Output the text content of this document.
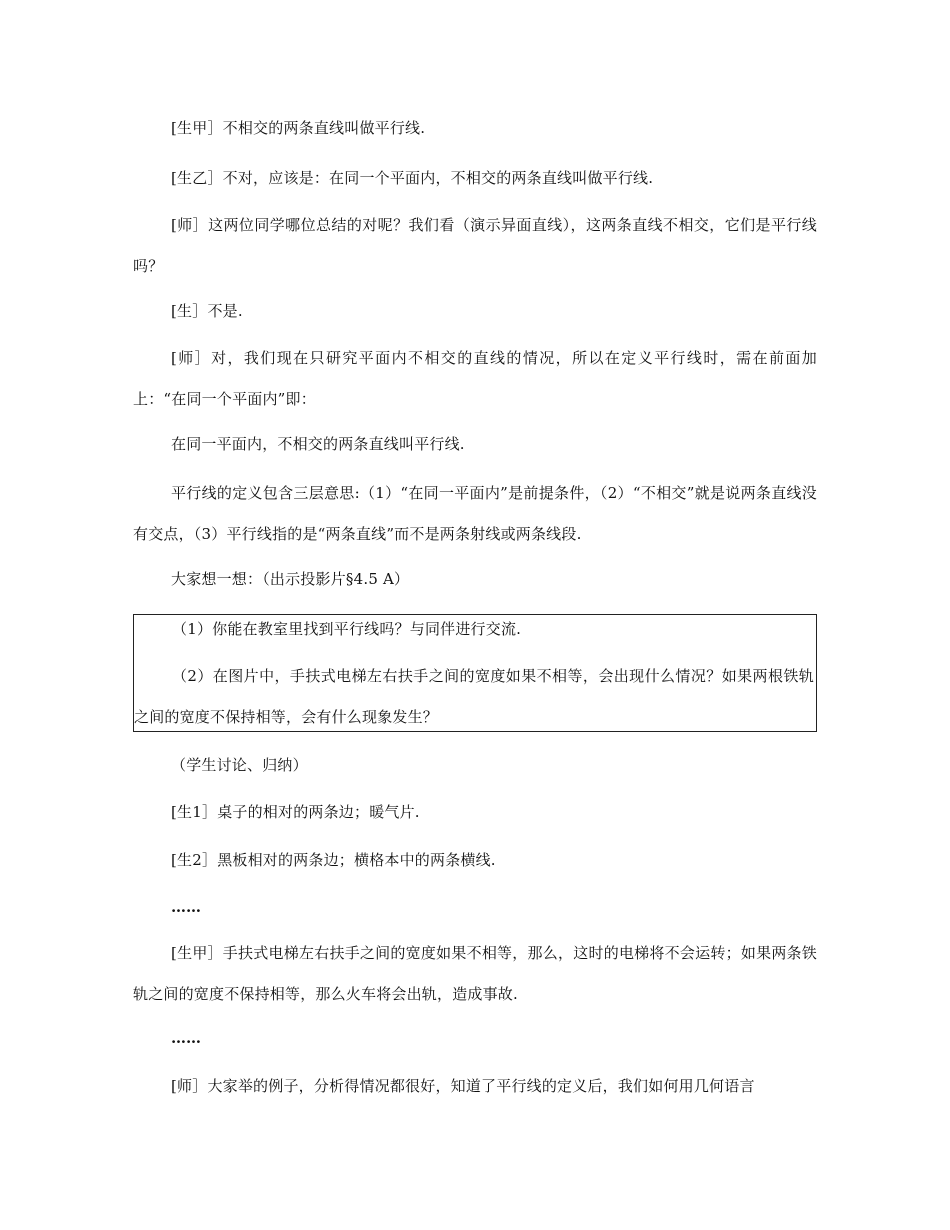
[生甲］不相交的两条直线叫做平行线.

[生乙］不对，应该是：在同一个平面内，不相交的两条直线叫做平行线.

[师］这两位同学哪位总结的对呢？我们看（演示异面直线），这两条直线不相交，它们是平行线吗？

[生］不是.

[师］对，我们现在只研究平面内不相交的直线的情况，所以在定义平行线时，需在前面加上：“在同一个平面内”即：

在同一平面内，不相交的两条直线叫平行线.

平行线的定义包含三层意思:（1）“在同一平面内”是前提条件，（2）“不相交”就是说两条直线没有交点，（3）平行线指的是“两条直线”而不是两条射线或两条线段.

大家想一想：（出示投影片§4.5 A）

（1）你能在教室里找到平行线吗？与同伴进行交流.

（2）在图片中，手扶式电梯左右扶手之间的宽度如果不相等，会出现什么情况？如果两根铁轨之间的宽度不保持相等，会有什么现象发生？

（学生讨论、归纳）

[生1］桌子的相对的两条边；暖气片.

[生2］黑板相对的两条边；横格本中的两条横线.

……

[生甲］手扶式电梯左右扶手之间的宽度如果不相等，那么，这时的电梯将不会运转；如果两条铁轨之间的宽度不保持相等，那么火车将会出轨，造成事故.

……

[师］大家举的例子，分析得情况都很好，知道了平行线的定义后，我们如何用几何语言
